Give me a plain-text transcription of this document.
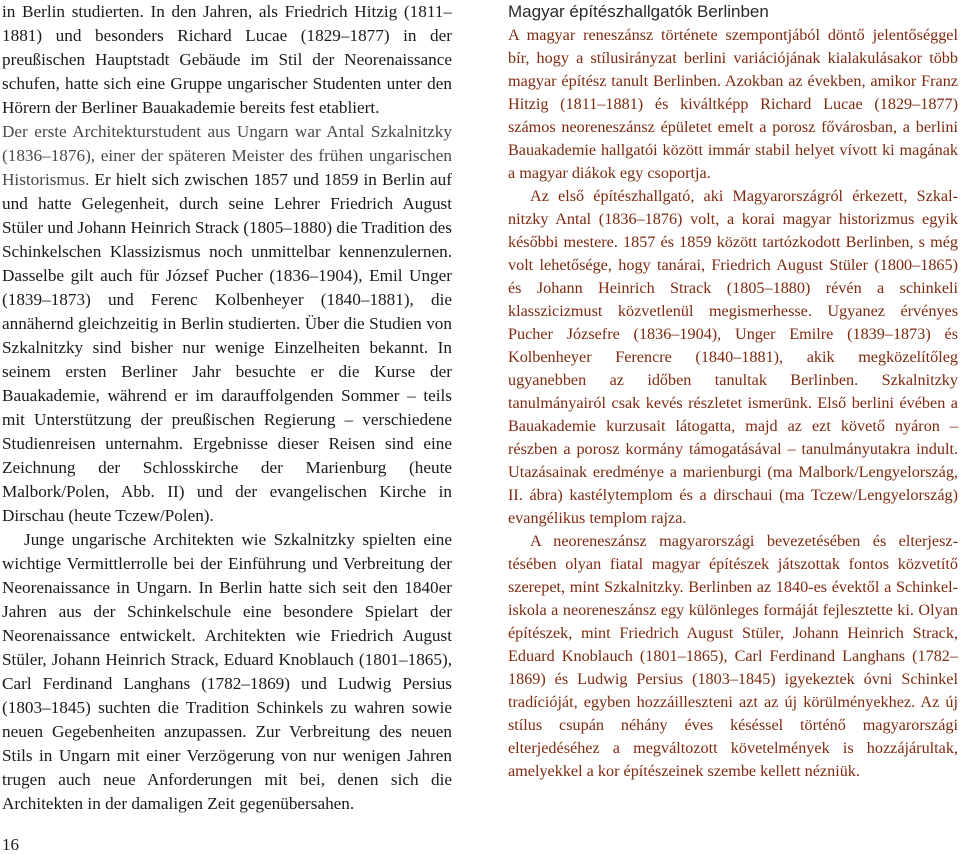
in Berlin studierten. In den Jahren, als Friedrich Hitzig (1811–1881) und besonders Richard Lucae (1829–1877) in der preußischen Hauptstadt Gebäude im Stil der Neorenaissance schufen, hatte sich eine Gruppe ungarischer Studenten unter den Hörern der Berliner Bauakademie bereits fest etabliert.

Der erste Architekturstudent aus Ungarn war Antal Szkalnitzky (1836–1876), einer der späteren Meister des frühen ungarischen Historismus. Er hielt sich zwischen 1857 und 1859 in Berlin auf und hatte Gelegenheit, durch seine Lehrer Friedrich August Stüler und Johann Heinrich Strack (1805–1880) die Tradition des Schinkelschen Klassizismus noch unmittelbar kennenzulernen. Dasselbe gilt auch für József Pucher (1836–1904), Emil Unger (1839–1873) und Ferenc Kolbenheyer (1840–1881), die annähernd gleichzeitig in Berlin studierten. Über die Studien von Szkalnitzky sind bisher nur wenige Einzelheiten bekannt. In seinem ersten Berliner Jahr besuchte er die Kurse der Bauakademie, während er im darauffolgenden Sommer – teils mit Unterstützung der preußischen Regierung – verschiedene Studienreisen unternahm. Ergebnisse dieser Reisen sind eine Zeichnung der Schlosskirche der Marienburg (heute Malbork/Polen, Abb. II) und der evangelischen Kirche in Dirschau (heute Tczew/Polen).

Junge ungarische Architekten wie Szkalnitzky spielten eine wichtige Vermittlerrolle bei der Einführung und Verbreitung der Neorenaissance in Ungarn. In Berlin hatte sich seit den 1840er Jahren aus der Schinkelschule eine besondere Spielart der Neorenaissance entwickelt. Architekten wie Friedrich August Stüler, Johann Heinrich Strack, Eduard Knoblauch (1801–1865), Carl Ferdinand Langhans (1782–1869) und Ludwig Persius (1803–1845) suchten die Tradition Schinkels zu wahren sowie neuen Gegebenheiten anzupassen. Zur Verbreitung des neuen Stils in Ungarn mit einer Verzögerung von nur wenigen Jahren trugen auch neue Anforderungen mit bei, denen sich die Architekten in der damaligen Zeit gegenübersahen.

Magyar építészhallgatók Berlinben

A magyar reneszánsz története szempontjából döntő jelentőséggel bír, hogy a stílusirányzat berlini variációjának kialakulásakor több magyar építész tanult Berlinben. Azokban az években, amikor Franz Hitzig (1811–1881) és kiváltképp Richard Lucae (1829–1877) számos neoreneszánsz épületet emelt a porosz fővárosban, a berlini Bauakademie hallgatói között immár stabil helyet vívott ki magának a magyar diákok egy csoportja.

Az első építészhallgató, aki Magyarországról érkezett, Szkalnitzky Antal (1836–1876) volt, a korai magyar historizmus egyik későbbi mestere. 1857 és 1859 között tartózkodott Berlinben, s még volt lehetősége, hogy tanárai, Friedrich August Stüler (1800–1865) és Johann Heinrich Strack (1805–1880) révén a schinkeli klasszicizmust közvetlenül megismerhesse. Ugyanez érvényes Pucher Józsefre (1836–1904), Unger Emilre (1839–1873) és Kolbenheyer Ferencre (1840–1881), akik megközelítőleg ugyanebben az időben tanultak Berlinben. Szkalnitzky tanulmányairól csak kevés részletet ismerünk. Első berlini évében a Bauakademie kurzusait látogatta, majd az ezt követő nyáron – részben a porosz kormány támogatásával – tanulmányutakra indult. Utazásainak eredménye a marienburgi (ma Malbork/Lengyelország, II. ábra) kastélytemplom és a dirschaui (ma Tczew/Lengyelország) evangélikus templom rajza.

A neoreneszánsz magyarországi bevezetésében és elterjesztésében olyan fiatal magyar építészek játszottak fontos közvetítő szerepet, mint Szkalnitzky. Berlinben az 1840-es évektől a Schinkel-iskola a neoreneszánsz egy különleges formáját fejlesztette ki. Olyan építészek, mint Friedrich August Stüler, Johann Heinrich Strack, Eduard Knoblauch (1801–1865), Carl Ferdinand Langhans (1782–1869) és Ludwig Persius (1803–1845) igyekeztek óvni Schinkel tradícióját, egyben hozzáilleszteni azt az új körülményekhez. Az új stílus csupán néhány éves késéssel történő magyarországi elterjedéséhez a megváltozott követelmények is hozzájárultak, amelyekkel a kor építészeinek szembe kellett nézniük.

16
